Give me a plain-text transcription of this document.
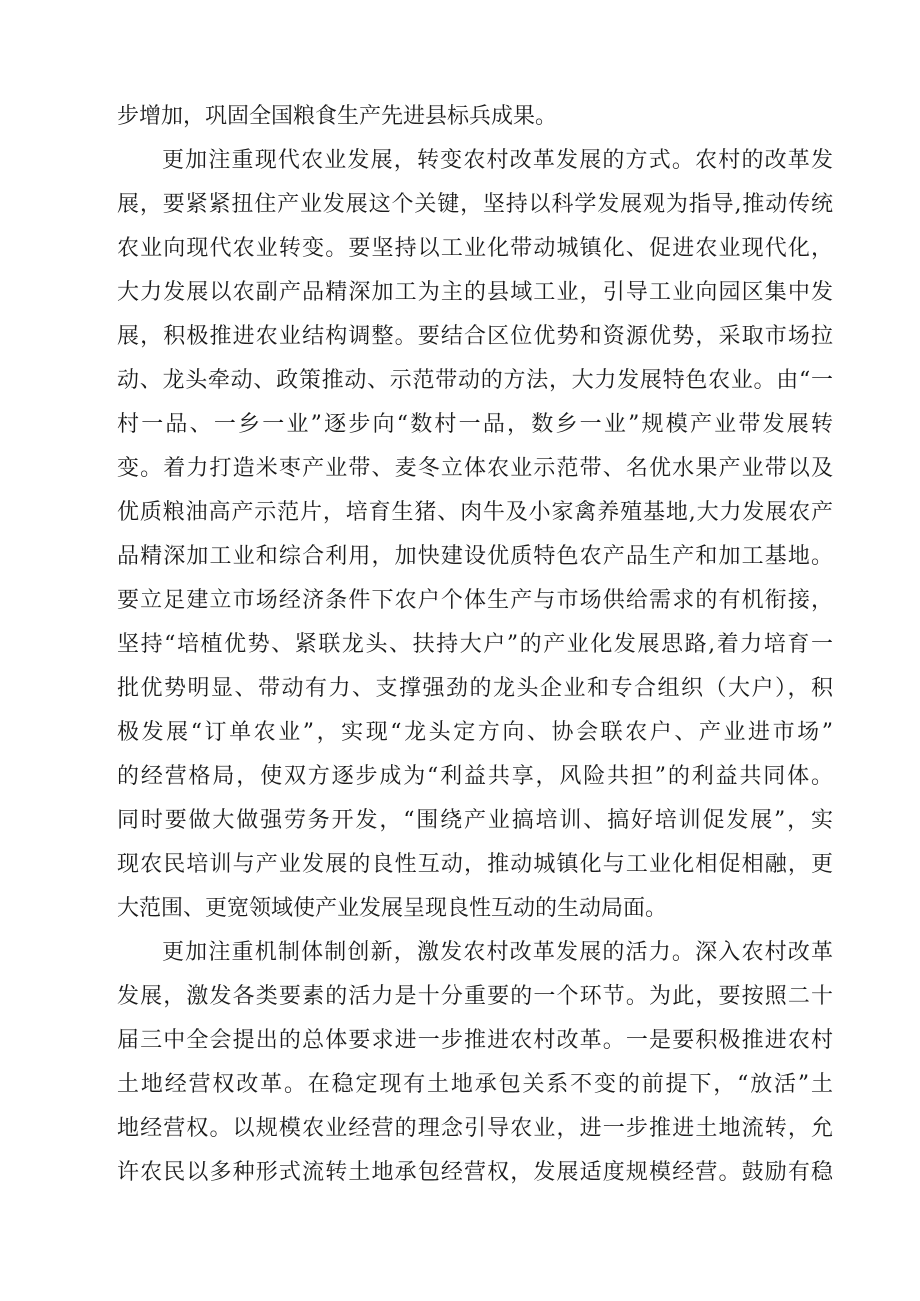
步增加，巩固全国粮食生产先进县标兵成果。
更加注重现代农业发展，转变农村改革发展的方式。农村的改革发
展，要紧紧扭住产业发展这个关键，坚持以科学发展观为指导,推动传统
农业向现代农业转变。要坚持以工业化带动城镇化、促进农业现代化，
大力发展以农副产品精深加工为主的县域工业，引导工业向园区集中发
展，积极推进农业结构调整。要结合区位优势和资源优势，采取市场拉
动、龙头牵动、政策推动、示范带动的方法，大力发展特色农业。由“一
村一品、一乡一业”逐步向“数村一品，数乡一业”规模产业带发展转
变。着力打造米枣产业带、麦冬立体农业示范带、名优水果产业带以及
优质粮油高产示范片，培育生猪、肉牛及小家禽养殖基地,大力发展农产
品精深加工业和综合利用，加快建设优质特色农产品生产和加工基地。
要立足建立市场经济条件下农户个体生产与市场供给需求的有机衔接，
坚持“培植优势、紧联龙头、扶持大户”的产业化发展思路,着力培育一
批优势明显、带动有力、支撑强劲的龙头企业和专合组织（大户），积
极发展“订单农业”，实现“龙头定方向、协会联农户、产业进市场”
的经营格局，使双方逐步成为“利益共享，风险共担”的利益共同体。
同时要做大做强劳务开发，“围绕产业搞培训、搞好培训促发展”，实
现农民培训与产业发展的良性互动，推动城镇化与工业化相促相融，更
大范围、更宽领域使产业发展呈现良性互动的生动局面。
更加注重机制体制创新，激发农村改革发展的活力。深入农村改革
发展，激发各类要素的活力是十分重要的一个环节。为此，要按照二十
届三中全会提出的总体要求进一步推进农村改革。一是要积极推进农村
土地经营权改革。在稳定现有土地承包关系不变的前提下，“放活”土
地经营权。以规模农业经营的理念引导农业，进一步推进土地流转，允
许农民以多种形式流转土地承包经营权，发展适度规模经营。鼓励有稳
